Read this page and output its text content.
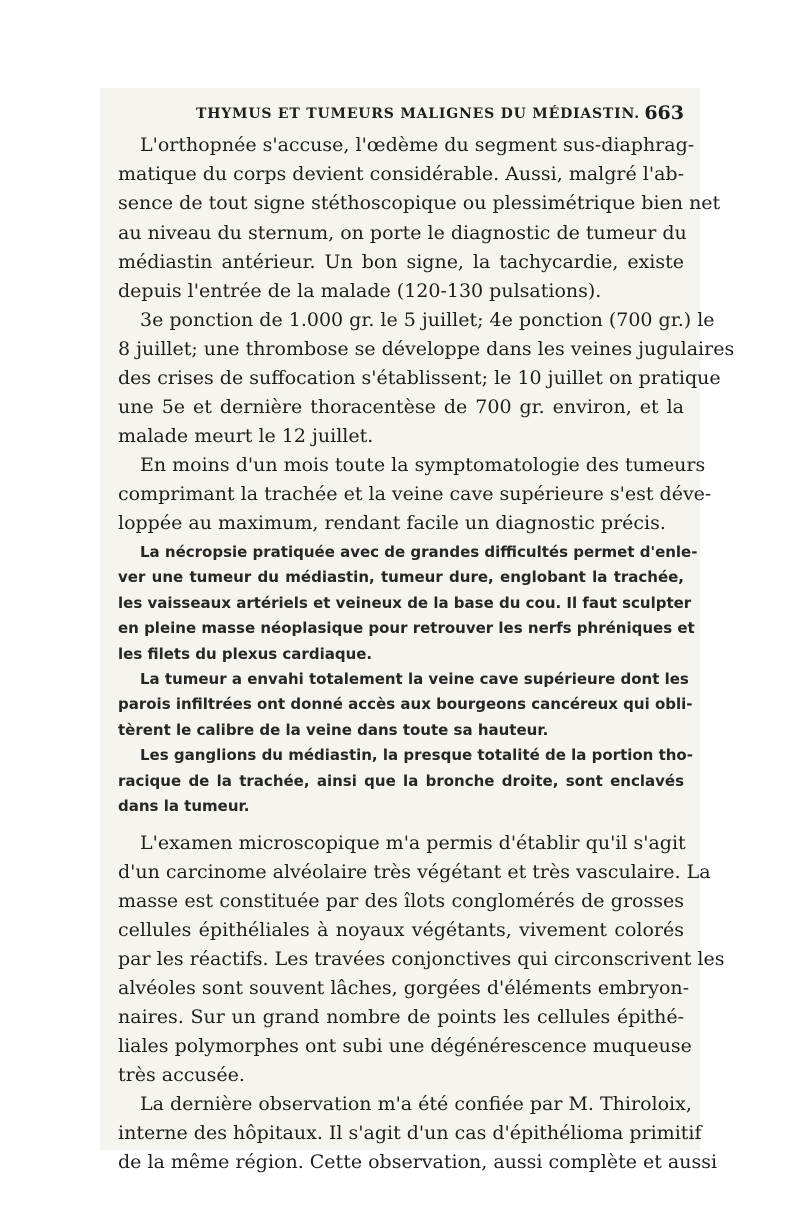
THYMUS ET TUMEURS MALIGNES DU MÉDIASTIN. 663
L'orthopnée s'accuse, l'œdème du segment sus-diaphrag-
matique du corps devient considérable. Aussi, malgré l'ab-
sence de tout signe stéthoscopique ou plessimétrique bien net
au niveau du sternum, on porte le diagnostic de tumeur du
médiastin antérieur. Un bon signe, la tachycardie, existe
depuis l'entrée de la malade (120-130 pulsations).
3e ponction de 1.000 gr. le 5 juillet; 4e ponction (700 gr.) le
8 juillet; une thrombose se développe dans les veines jugulaires
des crises de suffocation s'établissent; le 10 juillet on pratique
une 5e et dernière thoracentèse de 700 gr. environ, et la
malade meurt le 12 juillet.
En moins d'un mois toute la symptomatologie des tumeurs
comprimant la trachée et la veine cave supérieure s'est déve-
loppée au maximum, rendant facile un diagnostic précis.
La nécropsie pratiquée avec de grandes difficultés permet d'enle-
ver une tumeur du médiastin, tumeur dure, englobant la trachée,
les vaisseaux artériels et veineux de la base du cou. Il faut sculpter
en pleine masse néoplasique pour retrouver les nerfs phréniques et
les filets du plexus cardiaque.
La tumeur a envahi totalement la veine cave supérieure dont les
parois infiltrées ont donné accès aux bourgeons cancéreux qui obli-
tèrent le calibre de la veine dans toute sa hauteur.
Les ganglions du médiastin, la presque totalité de la portion tho-
racique de la trachée, ainsi que la bronche droite, sont enclavés
dans la tumeur.
L'examen microscopique m'a permis d'établir qu'il s'agit
d'un carcinome alvéolaire très végétant et très vasculaire. La
masse est constituée par des îlots conglomérés de grosses
cellules épithéliales à noyaux végétants, vivement colorés
par les réactifs. Les travées conjonctives qui circonscrivent les
alvéoles sont souvent lâches, gorgées d'éléments embryon-
naires. Sur un grand nombre de points les cellules épithé-
liales polymorphes ont subi une dégénérescence muqueuse
très accusée.
La dernière observation m'a été confiée par M. Thiroloix,
interne des hôpitaux. Il s'agit d'un cas d'épithélioma primitif
de la même région. Cette observation, aussi complète et aussi
